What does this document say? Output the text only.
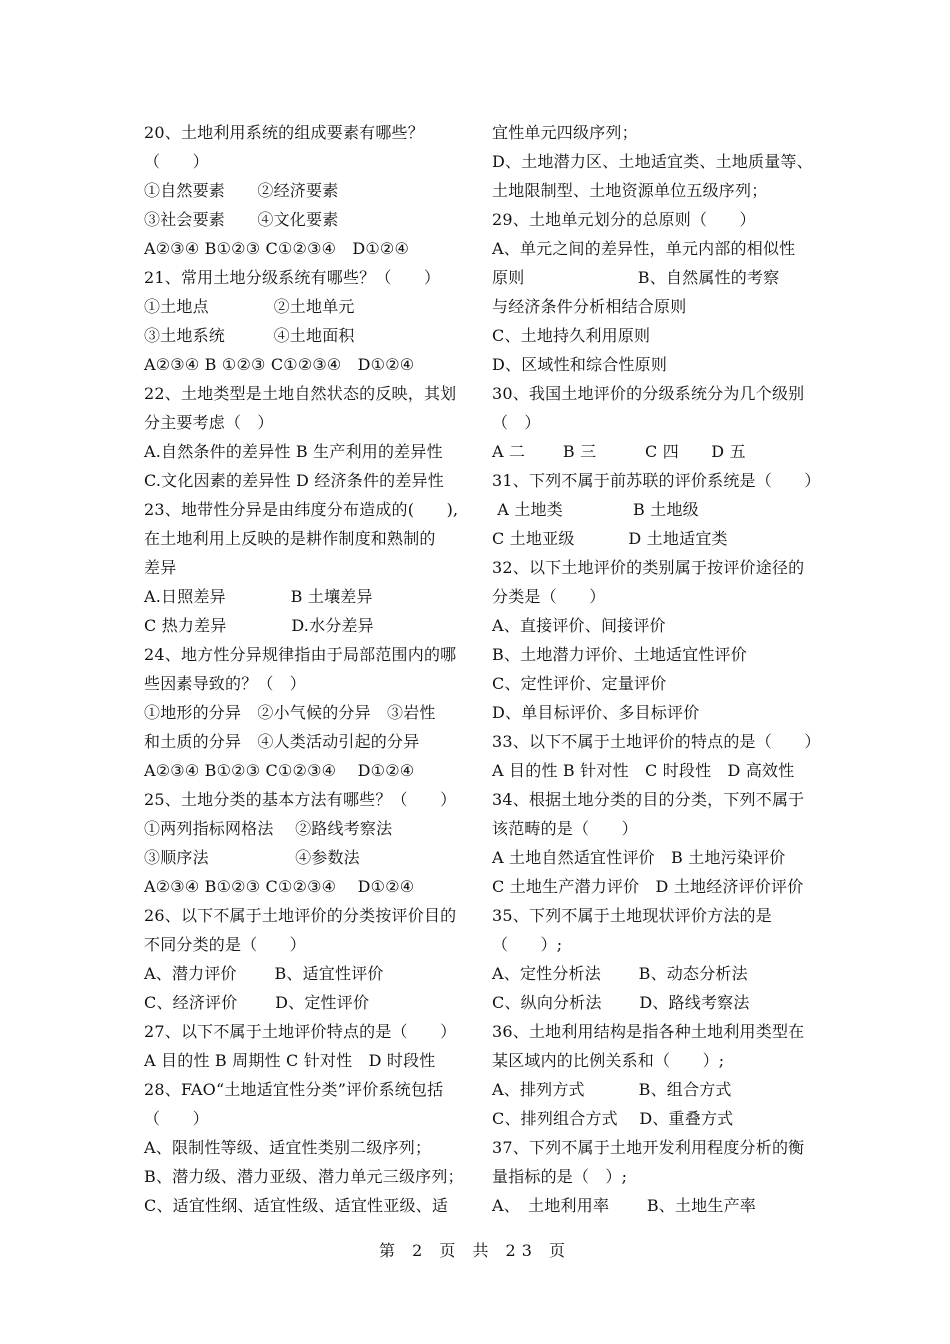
20、土地利用系统的组成要素有哪些？
（　　）
①自然要素　　②经济要素
③社会要素　　④文化要素
A②③④ B①②③ C①②③④　D①②④
21、常用土地分级系统有哪些？（　　）
①土地点　　　　②土地单元
③土地系统　　　④土地面积
A②③④ B ①②③ C①②③④　D①②④
22、土地类型是土地自然状态的反映，其划
分主要考虑（　）
A.自然条件的差异性 B 生产利用的差异性
C.文化因素的差异性 D 经济条件的差异性
23、地带性分异是由纬度分布造成的(　　),
在土地利用上反映的是耕作制度和熟制的
差异
A.日照差异　　　　B 土壤差异
C 热力差异　　　　D.水分差异
24、地方性分异规律指由于局部范围内的哪
些因素导致的？（　）
①地形的分异　②小气候的分异　③岩性
和土质的分异　④人类活动引起的分异
A②③④ B①②③ C①②③④　 D①②④
25、土地分类的基本方法有哪些？（　　）
①两列指标网格法　 ②路线考察法
③顺序法　　　　　 ④参数法
A②③④ B①②③ C①②③④　 D①②④
26、以下不属于土地评价的分类按评价目的
不同分类的是（　　）
A、潜力评价　　 B、适宜性评价
C、经济评价　　 D、定性评价
27、以下不属于土地评价特点的是（　　）
A 目的性 B 周期性 C 针对性　D 时段性
28、FAO“土地适宜性分类”评价系统包括
（　　）
A、限制性等级、适宜性类别二级序列；
B、潜力级、潜力亚级、潜力单元三级序列；
C、适宜性纲、适宜性级、适宜性亚级、适
宜性单元四级序列；
D、土地潜力区、土地适宜类、土地质量等、
土地限制型、土地资源单位五级序列；
29、土地单元划分的总原则（　　）
A、单元之间的差异性，单元内部的相似性
原则　　　　　　　B、自然属性的考察
与经济条件分析相结合原则
C、土地持久利用原则
D、区域性和综合性原则
30、我国土地评价的分级系统分为几个级别
（　）
A 二　　 B 三　　　C 四　　D 五
31、下列不属于前苏联的评价系统是（　　）
A 土地类　　　　 B 土地级
C 土地亚级　　　 D 土地适宜类
32、以下土地评价的类别属于按评价途径的
分类是（　　）
A、直接评价、间接评价
B、土地潜力评价、土地适宜性评价
C、定性评价、定量评价
D、单目标评价、多目标评价
33、以下不属于土地评价的特点的是（　　）
A 目的性 B 针对性　C 时段性　D 高效性
34、根据土地分类的目的分类，下列不属于
该范畴的是（　　）
A 土地自然适宜性评价　B 土地污染评价
C 土地生产潜力评价　D 土地经济评价评价
35、下列不属于土地现状评价方法的是
（　　）;
A、定性分析法　　 B、动态分析法
C、纵向分析法　　 D、路线考察法
36、土地利用结构是指各种土地利用类型在
某区域内的比例关系和（　　）;
A、排列方式　　　 B、组合方式
C、排列组合方式　 D、重叠方式
37、下列不属于土地开发利用程度分析的衡
量指标的是（　）;
A、　土地利用率　　 B、土地生产率
第 2 页 共 23 页
